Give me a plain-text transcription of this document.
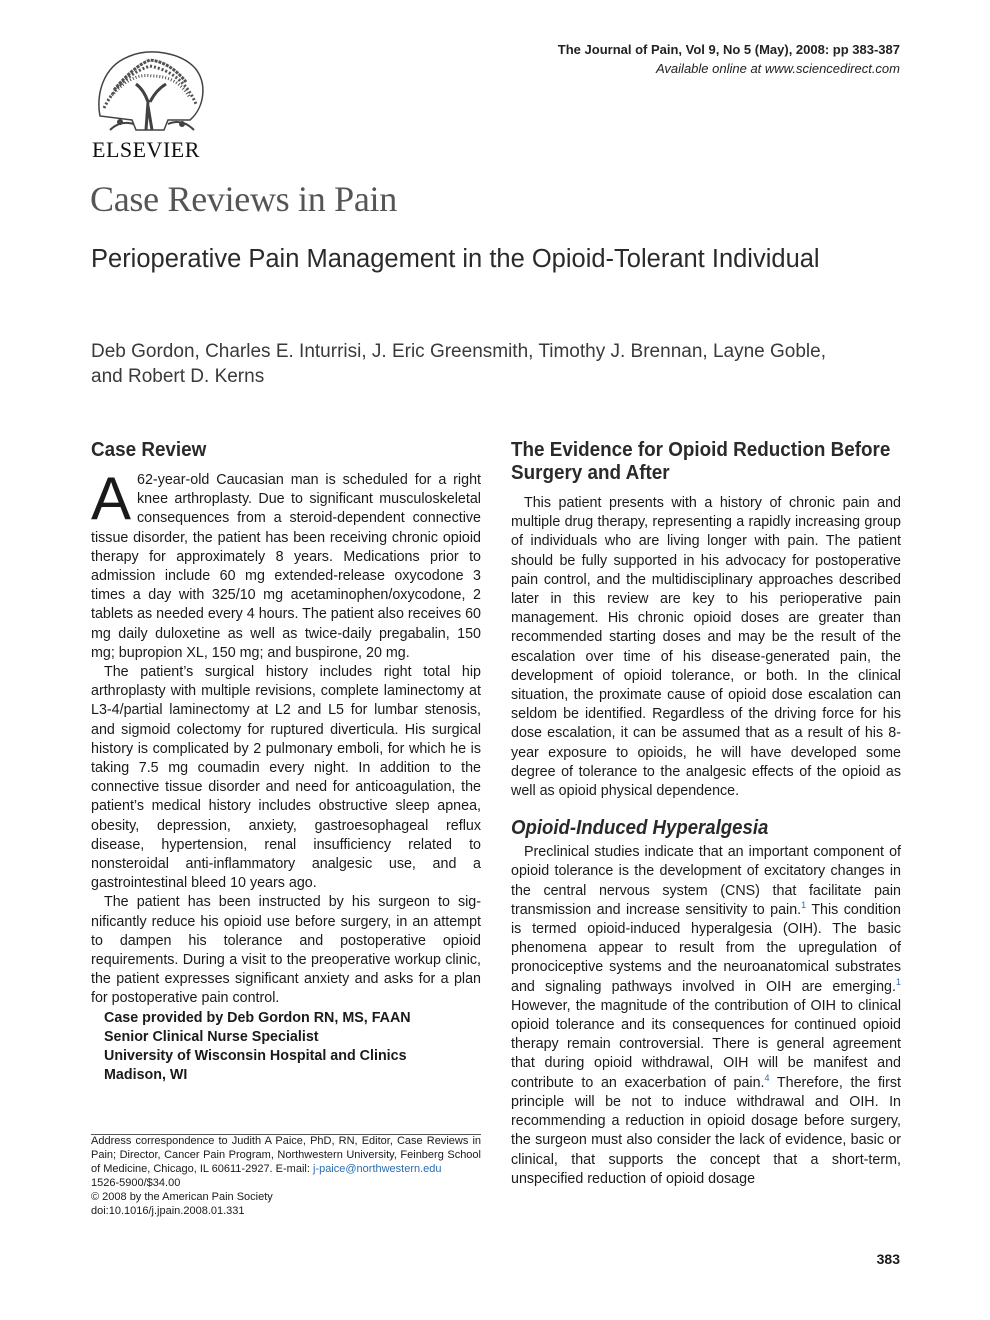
ELSEVIER
The Journal of Pain, Vol 9, No 5 (May), 2008: pp 383-387
Available online at www.sciencedirect.com
Case Reviews in Pain
Perioperative Pain Management in the Opioid-Tolerant Individual
Deb Gordon, Charles E. Inturrisi, J. Eric Greensmith, Timothy J. Brennan, Layne Goble,
and Robert D. Kerns
Case Review

A 62-year-old Caucasian man is scheduled for a right knee arthroplasty. Due to significant musculoskeletal consequences from a steroid-dependent connective tissue disorder, the patient has been receiving chronic opioid therapy for approximately 8 years. Medications prior to admission include 60 mg extended-release oxycodone 3 times a day with 325/10 mg acetaminophen/oxycodone, 2 tablets as needed every 4 hours. The patient also receives 60 mg daily duloxetine as well as twice-daily pregabalin, 150 mg; bupropion XL, 150 mg; and buspirone, 20 mg.

The patient’s surgical history includes right total hip arthroplasty with multiple revisions, complete laminectomy at L3-4/partial laminectomy at L2 and L5 for lumbar stenosis, and sigmoid colectomy for ruptured diverticula. His surgical history is complicated by 2 pulmonary emboli, for which he is taking 7.5 mg coumadin every night. In addition to the connective tissue disorder and need for anticoagulation, the patient’s medical history includes obstructive sleep apnea, obesity, depression, anxiety, gastroesophageal reflux disease, hypertension, renal insufficiency related to nonsteroidal anti-inflammatory analgesic use, and a gastrointestinal bleed 10 years ago.

The patient has been instructed by his surgeon to significantly reduce his opioid use before surgery, in an attempt to dampen his tolerance and postoperative opioid requirements. During a visit to the preoperative workup clinic, the patient expresses significant anxiety and asks for a plan for postoperative pain control.

Case provided by Deb Gordon RN, MS, FAAN

Senior Clinical Nurse Specialist

University of Wisconsin Hospital and Clinics

Madison, WI

Address correspondence to Judith A Paice, PhD, RN, Editor, Case Reviews in Pain; Director, Cancer Pain Program, Northwestern University, Feinberg School of Medicine, Chicago, IL 60611-2927. E-mail: j-paice@northwestern.edu

1526-5900/$34.00

© 2008 by the American Pain Society

doi:10.1016/j.jpain.2008.01.331

The Evidence for Opioid Reduction Before Surgery and After

This patient presents with a history of chronic pain and multiple drug therapy, representing a rapidly increasing group of individuals who are living longer with pain. The patient should be fully supported in his advocacy for postoperative pain control, and the multidisciplinary approaches described later in this review are key to his perioperative pain management. His chronic opioid doses are greater than recommended starting doses and may be the result of the escalation over time of his disease-generated pain, the development of opioid tolerance, or both. In the clinical situation, the proximate cause of opioid dose escalation can seldom be identified. Regardless of the driving force for his dose escalation, it can be assumed that as a result of his 8-year exposure to opioids, he will have developed some degree of tolerance to the analgesic effects of the opioid as well as opioid physical dependence.

Opioid-Induced Hyperalgesia

Preclinical studies indicate that an important component of opioid tolerance is the development of excitatory changes in the central nervous system (CNS) that facilitate pain transmission and increase sensitivity to pain.$^1$ This condition is termed opioid-induced hyperalgesia (OIH). The basic phenomena appear to result from the upregulation of pronociceptive systems and the neuroanatomical substrates and signaling pathways involved in OIH are emerging.$^1$ However, the magnitude of the contribution of OIH to clinical opioid tolerance and its consequences for continued opioid therapy remain controversial. There is general agreement that during opioid withdrawal, OIH will be manifest and contribute to an exacerbation of pain.$^4$ Therefore, the first principle will be not to induce withdrawal and OIH. In recommending a reduction in opioid dosage before surgery, the surgeon must also consider the lack of evidence, basic or clinical, that supports the concept that a short-term, unspecified reduction of opioid dosage

383
